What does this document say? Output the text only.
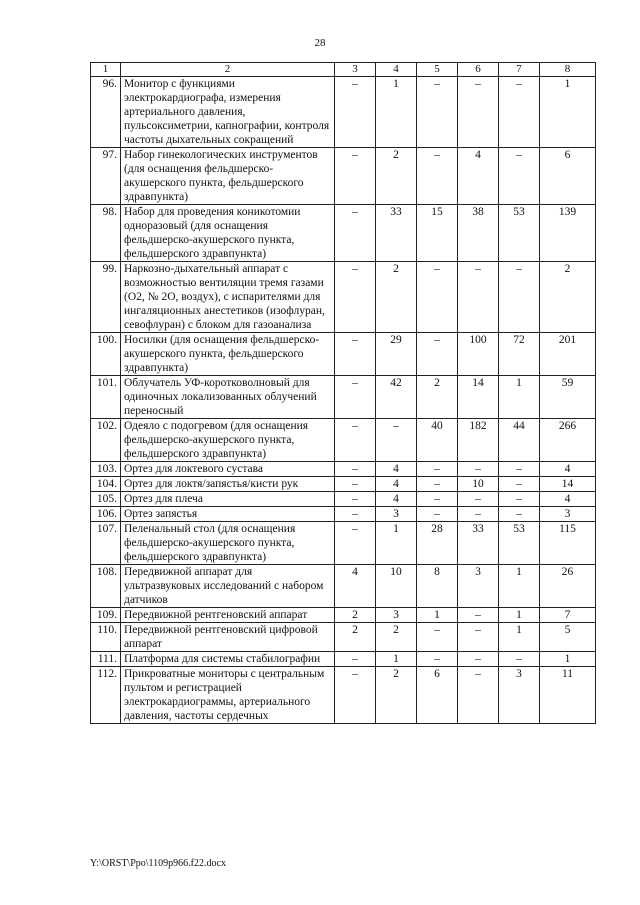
28
1	2	3	4	5	6	7	8
96.	Монитор с функциями электрокардиографа, измерения артериального давления, пульсоксиметрии, капнографии, контроля частоты дыхательных сокращений	–	1	–	–	–	1
97.	Набор гинекологических инструментов (для оснащения фельдшерско-акушерского пункта, фельдшерского здравпункта)	–	2	–	4	–	6
98.	Набор для проведения коникотомии одноразовый (для оснащения фельдшерско-акушерского пункта, фельдшерского здравпункта)	–	33	15	38	53	139
99.	Наркозно-дыхательный аппарат с возможностью вентиляции тремя газами (О2, № 2О, воздух), с испарителями для ингаляционных анестетиков (изофлуран, севофлуран) с блоком для газоанализа	–	2	–	–	–	2
100.	Носилки (для оснащения фельдшерско-акушерского пункта, фельдшерского здравпункта)	–	29	–	100	72	201
101.	Облучатель УФ-коротковолновый для одиночных локализованных облучений переносный	–	42	2	14	1	59
102.	Одеяло с подогревом (для оснащения фельдшерско-акушерского пункта, фельдшерского здравпункта)	–	–	40	182	44	266
103.	Ортез для локтевого сустава	–	4	–	–	–	4
104.	Ортез для локтя/запястья/кисти рук	–	4	–	10	–	14
105.	Ортез для плеча	–	4	–	–	–	4
106.	Ортез запястья	–	3	–	–	–	3
107.	Пеленальный стол (для оснащения фельдшерско-акушерского пункта, фельдшерского здравпункта)	–	1	28	33	53	115
108.	Передвижной аппарат для ультразвуковых исследований с набором датчиков	4	10	8	3	1	26
109.	Передвижной рентгеновский аппарат	2	3	1	–	1	7
110.	Передвижной рентгеновский цифровой аппарат	2	2	–	–	1	5
111.	Платформа для системы стабилографии	–	1	–	–	–	1
112.	Прикроватные мониторы с центральным пультом и регистрацией электрокардиограммы, артериального давления, частоты сердечных	–	2	6	–	3	11
Y:\ORST\Ppo\1109p966.f22.docx
